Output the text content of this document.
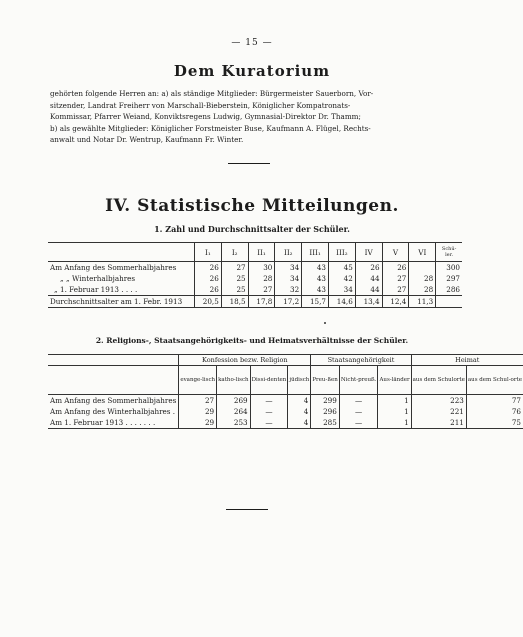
— 15 —
Dem Kuratorium
gehörten folgende Herren an: a) als ständige Mitglieder: Bürgermeister Sauerborn, Vor-
sitzender, Landrat Freiherr von Marschall-Bieberstein, Königlicher Kompatronats-
Kommissar, Pfarrer Weiand, Konviktsregens Ludwig, Gymnasial-Direktor Dr. Thamm;
b) als gewählte Mitglieder: Königlicher Forstmeister Buse, Kaufmann A. Flügel, Rechts-
anwalt und Notar Dr. Wentrup, Kaufmann Fr. Winter.
IV. Statistische Mitteilungen.
1. Zahl und Durchschnittsalter der Schüler.
	I₁	I₂	II₁	II₂	III₁	III₂	IV	V	VI	Schü-ler.
Am Anfang des Sommerhalbjahres	26	27	30	34	43	45	26	26		300
„ „ Winterhalbjahres	26	25	28	34	43	42	44	27	28	297
„ 1. Februar 1913 . . . .	26	25	27	32	43	34	44	27	28	286
Durchschnittsalter am 1. Febr. 1913	20,5	18,5	17,8	17,2	15,7	14,6	13,4	12,4	11,3	
2. Religions-, Staatsangehörigkeits- und Heimatsverhältnisse der Schüler.
	Konfession bezw. Religion				Staatsangehörigkeit			Heimat	
	evange-lisch	katho-lisch	Dissi-denten	jüdisch	Preu-ßen	Nicht-preuß.	Aus-länder	aus dem Schulorte	aus dem Schul-orte
Am Anfang des Sommerhalbjahres	27	269	—	4	299	—	1	223	77
Am Anfang des Winterhalbjahres .	29	264	—	4	296	—	1	221	76
Am 1. Februar 1913 . . . . . . .	29	253	—	4	285	—	1	211	75
